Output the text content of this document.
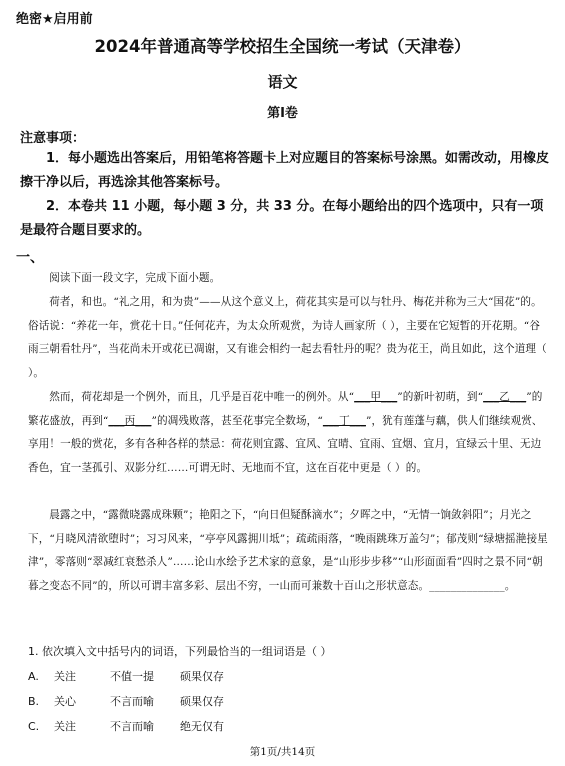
绝密★启用前
2024年普通高等学校招生全国统一考试（天津卷）
语文
第Ⅰ卷
注意事项：
1．每小题选出答案后，用铅笔将答题卡上对应题目的答案标号涂黑。如需改动，用橡皮擦干净以后，再选涂其他答案标号。
2．本卷共 11 小题，每小题 3 分，共 33 分。在每小题给出的四个选项中，只有一项是最符合题目要求的。
一、
阅读下面一段文字，完成下面小题。
荷者，和也。“礼之用，和为贵”——从这个意义上，荷花其实是可以与牡丹、梅花并称为三大“国花”的。俗话说：“养花一年，赏花十日。”任何花卉，为太众所观赏，为诗人画家所（ ），主要在它短暂的开花期。“谷雨三朝看牡丹”，当花尚未开或花已凋谢，又有谁会相约一起去看牡丹的呢？贵为花王，尚且如此，这个道理（ ）。
然而，荷花却是一个例外，而且，几乎是百花中唯一的例外。从“___甲___”的新叶初萌，到“___乙___”的繁花盛放，再到“___丙___”的凋残败落，甚至花事完全数场，“___丁___”，犹有莲蓬与藕，供人们继续观赏、享用！一般的赏花，多有各种各样的禁忌：荷花则宜露、宜风、宜晴、宜雨、宜烟、宜月，宜绿云十里、无边香色，宜一茎孤引、双影分红……可谓无时、无地而不宜，这在百花中更是（ ）的。
晨露之中，“露微晓露成珠颗”；艳阳之下，“向日但疑酥滴水”；夕晖之中，“无情一饷敛斜阳”；月光之下，“月晓风清欲堕时”；习习风来，“亭亭风露拥川坻”；疏疏雨落，“晚雨跳珠万盖匀”；郁茂则“绿塘摇滟接星津”，零落则“翠减红衰愁杀人”……论山水绘予艺术家的意象，是“山形步步移”“山形面面看”四时之景不同“朝暮之变态不同”的，所以可谓丰富多彩、层出不穷，一山而可兼数十百山之形状意态。______________。
1. 依次填入文中括号内的词语，下列最恰当的一组词语是（ ）
A. 关注	不值一提 硕果仅存
B. 关心	不言而喻 硕果仅存
C. 关注	不言而喻 绝无仅有
第1页/共14页
